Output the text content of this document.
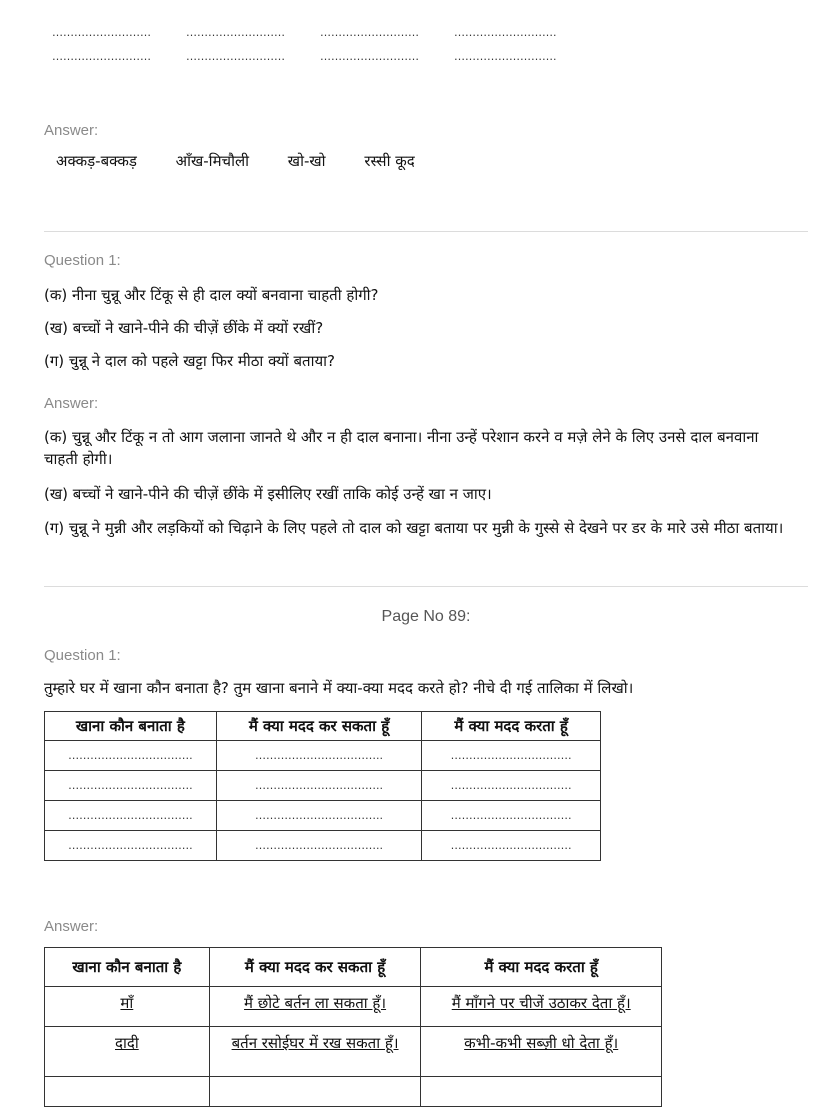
………………………	………………………	………………………	……………………….
………………………	………………………	………………………	……………………….
Answer:
अक्कड़-बक्कड़	आँख-मिचौली	खो-खो	रस्सी कूद
Question 1:
(क) नीना चुन्नू और टिंकू से ही दाल क्यों बनवाना चाहती होगी?
(ख) बच्चों ने खाने-पीने की चीज़ें छींके में क्यों रखीं?
(ग) चुन्नू ने दाल को पहले खट्टा फिर मीठा क्यों बताया?
Answer:
(क) चुन्नू और टिंकू न तो आग जलाना जानते थे और न ही दाल बनाना। नीना उन्हें परेशान करने व मज़े लेने के लिए उनसे दाल बनवाना चाहती होगी।
(ख) बच्चों ने खाने-पीने की चीज़ें छींके में इसीलिए रखीं ताकि कोई उन्हें खा न जाए।
(ग) चुन्नू ने मुन्नी और लड़कियों को चिढ़ाने के लिए पहले तो दाल को खट्टा बताया पर मुन्नी के गुस्से से देखने पर डर के मारे उसे मीठा बताया।
Page No 89:
Question 1:
तुम्हारे घर में खाना कौन बनाता है? तुम खाना बनाने में क्या-क्या मदद करते हो? नीचे दी गई तालिका में लिखो।
खाना कौन बनाता है	मैं क्या मदद कर सकता हूँ	मैं क्या मदद करता हूँ
…………………………….	……………………………..	……………………………
…………………………….	……………………………..	……………………………
…………………………….	……………………………..	……………………………
…………………………….	……………………………..	……………………………
Answer:
खाना कौन बनाता है	मैं क्या मदद कर सकता हूँ	मैं क्या मदद करता हूँ
माँ	मैं छोटे बर्तन ला सकता हूँ।	मैं माँगने पर चीजें उठाकर देता हूँ।
दादी	बर्तन रसोईघर में रख सकता हूँ।	कभी-कभी सब्ज़ी धो देता हूँ।
